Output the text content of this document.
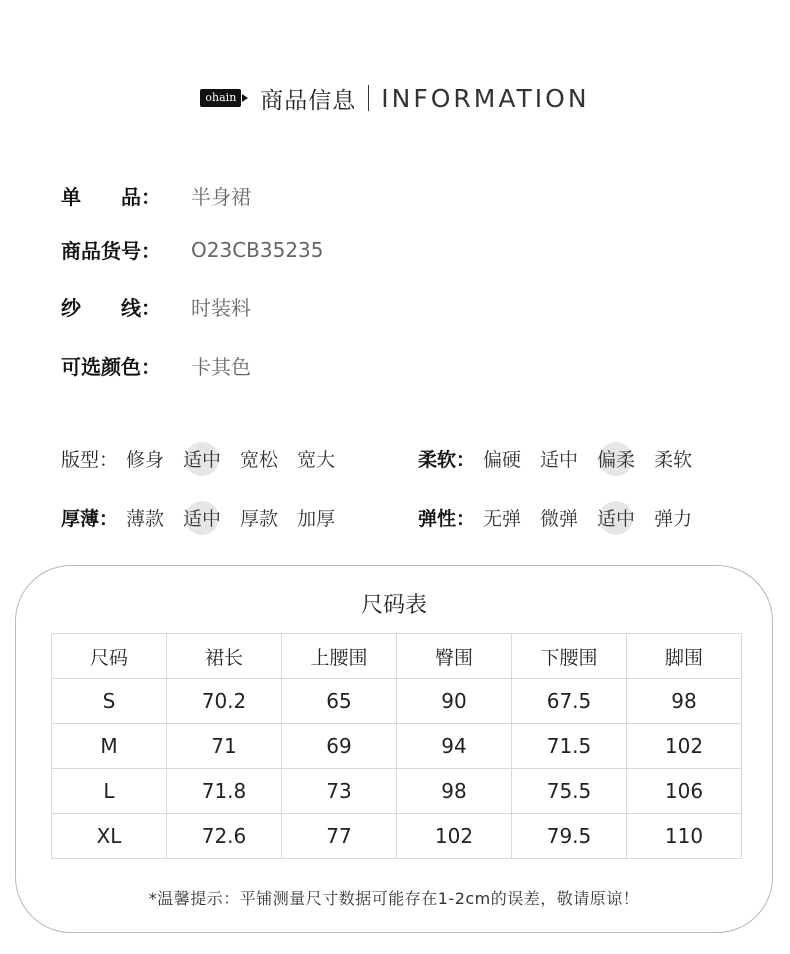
ohain 商品信息 INFORMATION
单　　品：	半身裙
商品货号：	O23CB35235
纱　　线：	时装料
可选颜色：	卡其色
版型： 修身 适中 宽松 宽大
厚薄： 薄款 适中 厚款 加厚
柔软： 偏硬 适中 偏柔 柔软
弹性： 无弹 微弹 适中 弹力
尺码表
尺码	裙长	上腰围	臀围	下腰围	脚围
S	70.2	65	90	67.5	98
M	71	69	94	71.5	102
L	71.8	73	98	75.5	106
XL	72.6	77	102	79.5	110
*温馨提示：平铺测量尺寸数据可能存在1-2cm的误差，敬请原谅！
